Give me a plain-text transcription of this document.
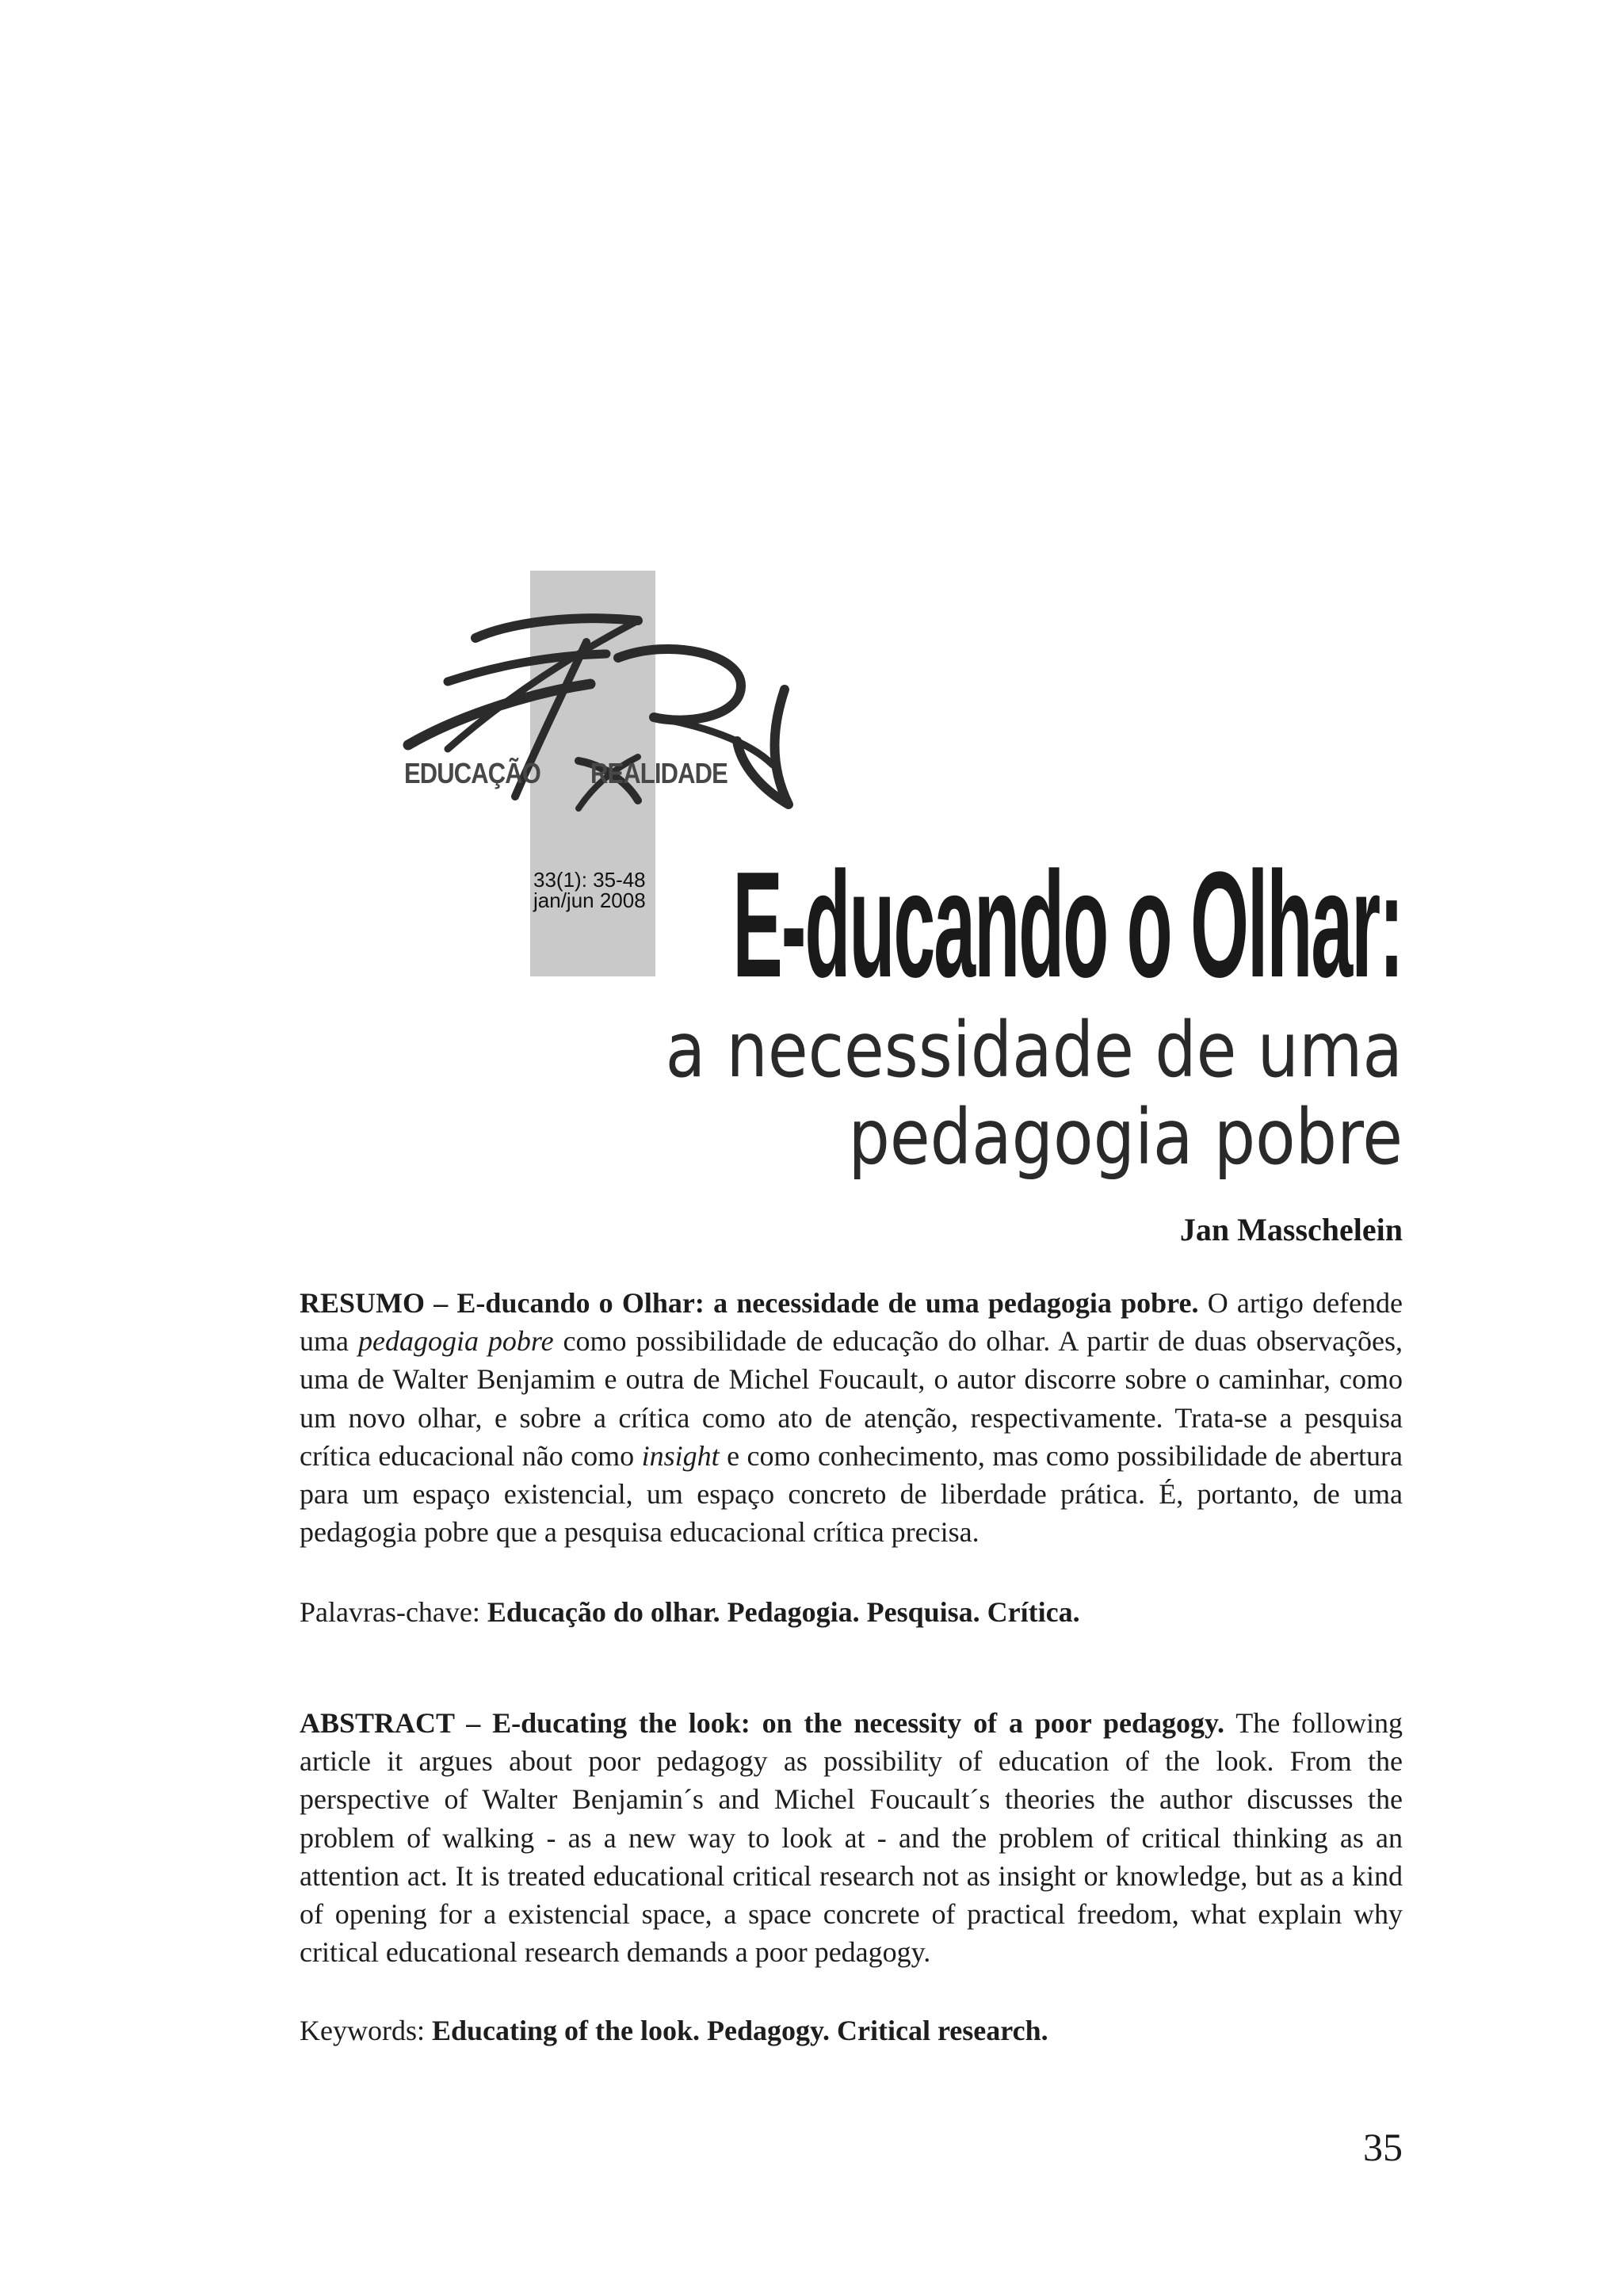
EDUCAÇÃO REALIDADE
33(1): 35-48
jan/jun 2008 E-ducando o Olhar:
a necessidade de uma
pedagogia pobre
Jan Masschelein
RESUMO – E-ducando o Olhar: a necessidade de uma pedagogia pobre. O artigo defende uma pedagogia pobre como possibilidade de educação do olhar. A partir de duas observações, uma de Walter Benjamim e outra de Michel Foucault, o autor discorre sobre o caminhar, como um novo olhar, e sobre a crítica como ato de atenção, respectivamente. Trata-se a pesquisa crítica educacional não como insight e como conhecimento, mas como possibilidade de abertura para um espaço existencial, um espaço concreto de liberdade prática. É, portanto, de uma pedagogia pobre que a pesquisa educacional crítica precisa.
Palavras-chave: Educação do olhar. Pedagogia. Pesquisa. Crítica.
ABSTRACT – E-ducating the look: on the necessity of a poor pedagogy. The following article it argues about poor pedagogy as possibility of education of the look. From the perspective of Walter Benjamin´s and Michel Foucault´s theories the author discusses the problem of walking - as a new way to look at - and the problem of critical thinking as an attention act. It is treated educational critical research not as insight or knowledge, but as a kind of opening for a existencial space, a space concrete of practical freedom, what explain why critical educational research demands a poor pedagogy.
Keywords: Educating of the look. Pedagogy. Critical research.
35
